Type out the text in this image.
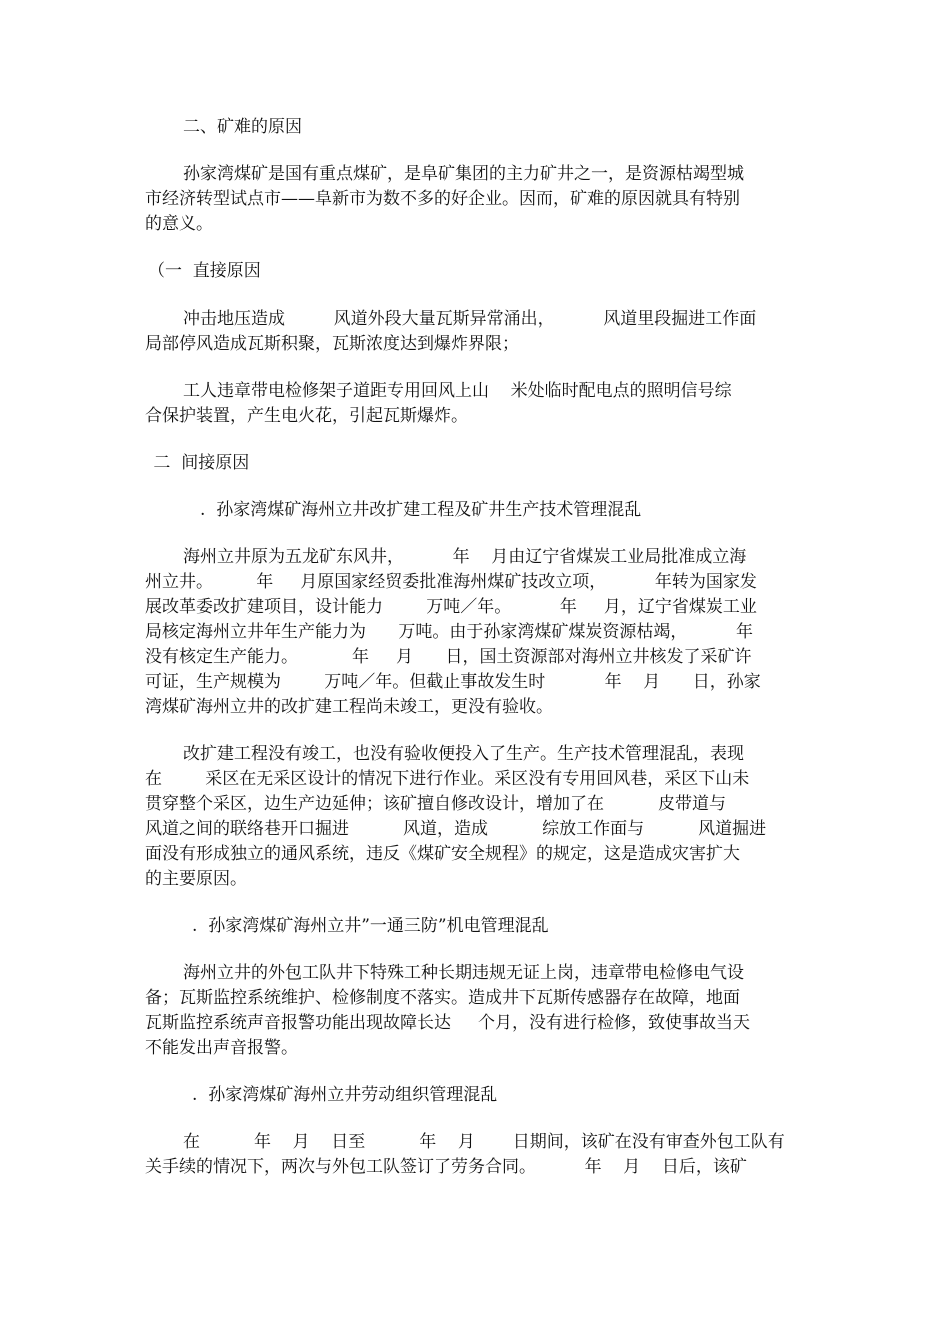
二、矿难的原因
孙家湾煤矿是国有重点煤矿，是阜矿集团的主力矿井之一，是资源枯竭型城
市经济转型试点市——阜新市为数不多的好企业。因而，矿难的原因就具有特别
的意义。
（一  直接原因
冲击地压造成         风道外段大量瓦斯异常涌出，         风道里段掘进工作面
局部停风造成瓦斯积聚，瓦斯浓度达到爆炸界限；
工人违章带电检修架子道距专用回风上山    米处临时配电点的照明信号综
合保护装置，产生电火花，引起瓦斯爆炸。
二  间接原因
.  孙家湾煤矿海州立井改扩建工程及矿井生产技术管理混乱
海州立井原为五龙矿东风井，         年    月由辽宁省煤炭工业局批准成立海
州立井。        年     月原国家经贸委批准海州煤矿技改立项，         年转为国家发
展改革委改扩建项目，设计能力        万吨／年。         年     月，辽宁省煤炭工业
局核定海州立井年生产能力为      万吨。由于孙家湾煤矿煤炭资源枯竭，         年
没有核定生产能力。          年     月      日，国土资源部对海州立井核发了采矿许
可证，生产规模为        万吨／年。但截止事故发生时           年    月      日，孙家
湾煤矿海州立井的改扩建工程尚未竣工，更没有验收。
改扩建工程没有竣工，也没有验收便投入了生产。生产技术管理混乱，表现
在        采区在无采区设计的情况下进行作业。采区没有专用回风巷，采区下山未
贯穿整个采区，边生产边延伸；该矿擅自修改设计，增加了在          皮带道与
风道之间的联络巷开口掘进          风道，造成          综放工作面与          风道掘进
面没有形成独立的通风系统，违反《煤矿安全规程》的规定，这是造成灾害扩大
的主要原因。
.  孙家湾煤矿海州立井”一通三防”机电管理混乱
海州立井的外包工队井下特殊工种长期违规无证上岗，违章带电检修电气设
备；瓦斯监控系统维护、检修制度不落实。造成井下瓦斯传感器存在故障，地面
瓦斯监控系统声音报警功能出现故障长达     个月，没有进行检修，致使事故当天
不能发出声音报警。
.  孙家湾煤矿海州立井劳动组织管理混乱
在          年    月    日至          年    月       日期间，该矿在没有审查外包工队有
关手续的情况下，两次与外包工队签订了劳务合同。         年    月    日后，该矿
